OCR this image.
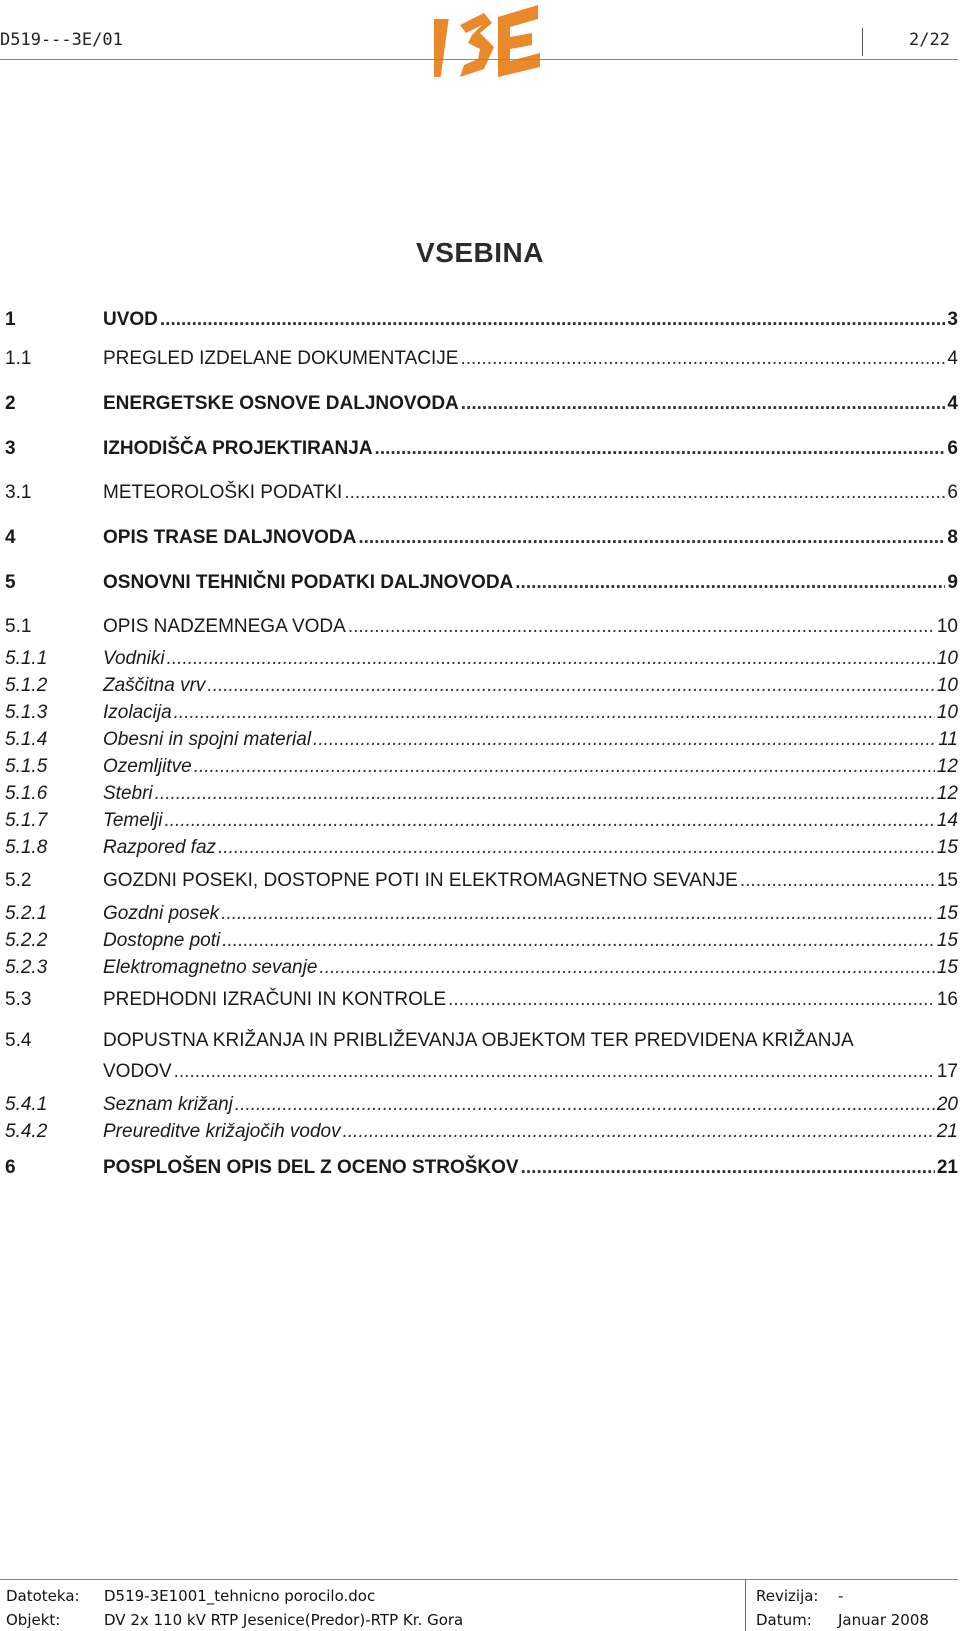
D519---3E/01	2/22
VSEBINA
1	UVOD .....	3
1.1	PREGLED IZDELANE DOKUMENTACIJE .....	4
2	ENERGETSKE OSNOVE DALJNOVODA .....	4
3	IZHODIŠČA PROJEKTIRANJA .....	6
3.1	METEOROLOŠKI PODATKI .....	6
4	OPIS TRASE DALJNOVODA .....	8
5	OSNOVNI TEHNIČNI PODATKI DALJNOVODA .....	9
5.1	OPIS NADZEMNEGA VODA .....	10
5.1.1	Vodniki .....	10
5.1.2	Zaščitna vrv .....	10
5.1.3	Izolacija .....	10
5.1.4	Obesni in spojni material .....	11
5.1.5	Ozemljitve .....	12
5.1.6	Stebri .....	12
5.1.7	Temelji .....	14
5.1.8	Razpored faz .....	15
5.2	GOZDNI POSEKI, DOSTOPNE POTI IN ELEKTROMAGNETNO SEVANJE .....	15
5.2.1	Gozdni posek .....	15
5.2.2	Dostopne poti .....	15
5.2.3	Elektromagnetno sevanje .....	15
5.3	PREDHODNI IZRAČUNI IN KONTROLE .....	16
5.4	DOPUSTNA KRIŽANJA IN PRIBLIŽEVANJA OBJEKTOM TER PREDVIDENA KRIŽANJA
VODOV .....	17
5.4.1	Seznam križanj .....	20
5.4.2	Preureditve križajočih vodov .....	21
6	POSPLOŠEN OPIS DEL Z OCENO STROŠKOV .....	21
Datoteka: D519-3E1001_tehnicno porocilo.doc
Objekt:	DV 2x 110 kV RTP Jesenice(Predor)-RTP Kr. Gora
Revizija: -
Datum: Januar 2008
